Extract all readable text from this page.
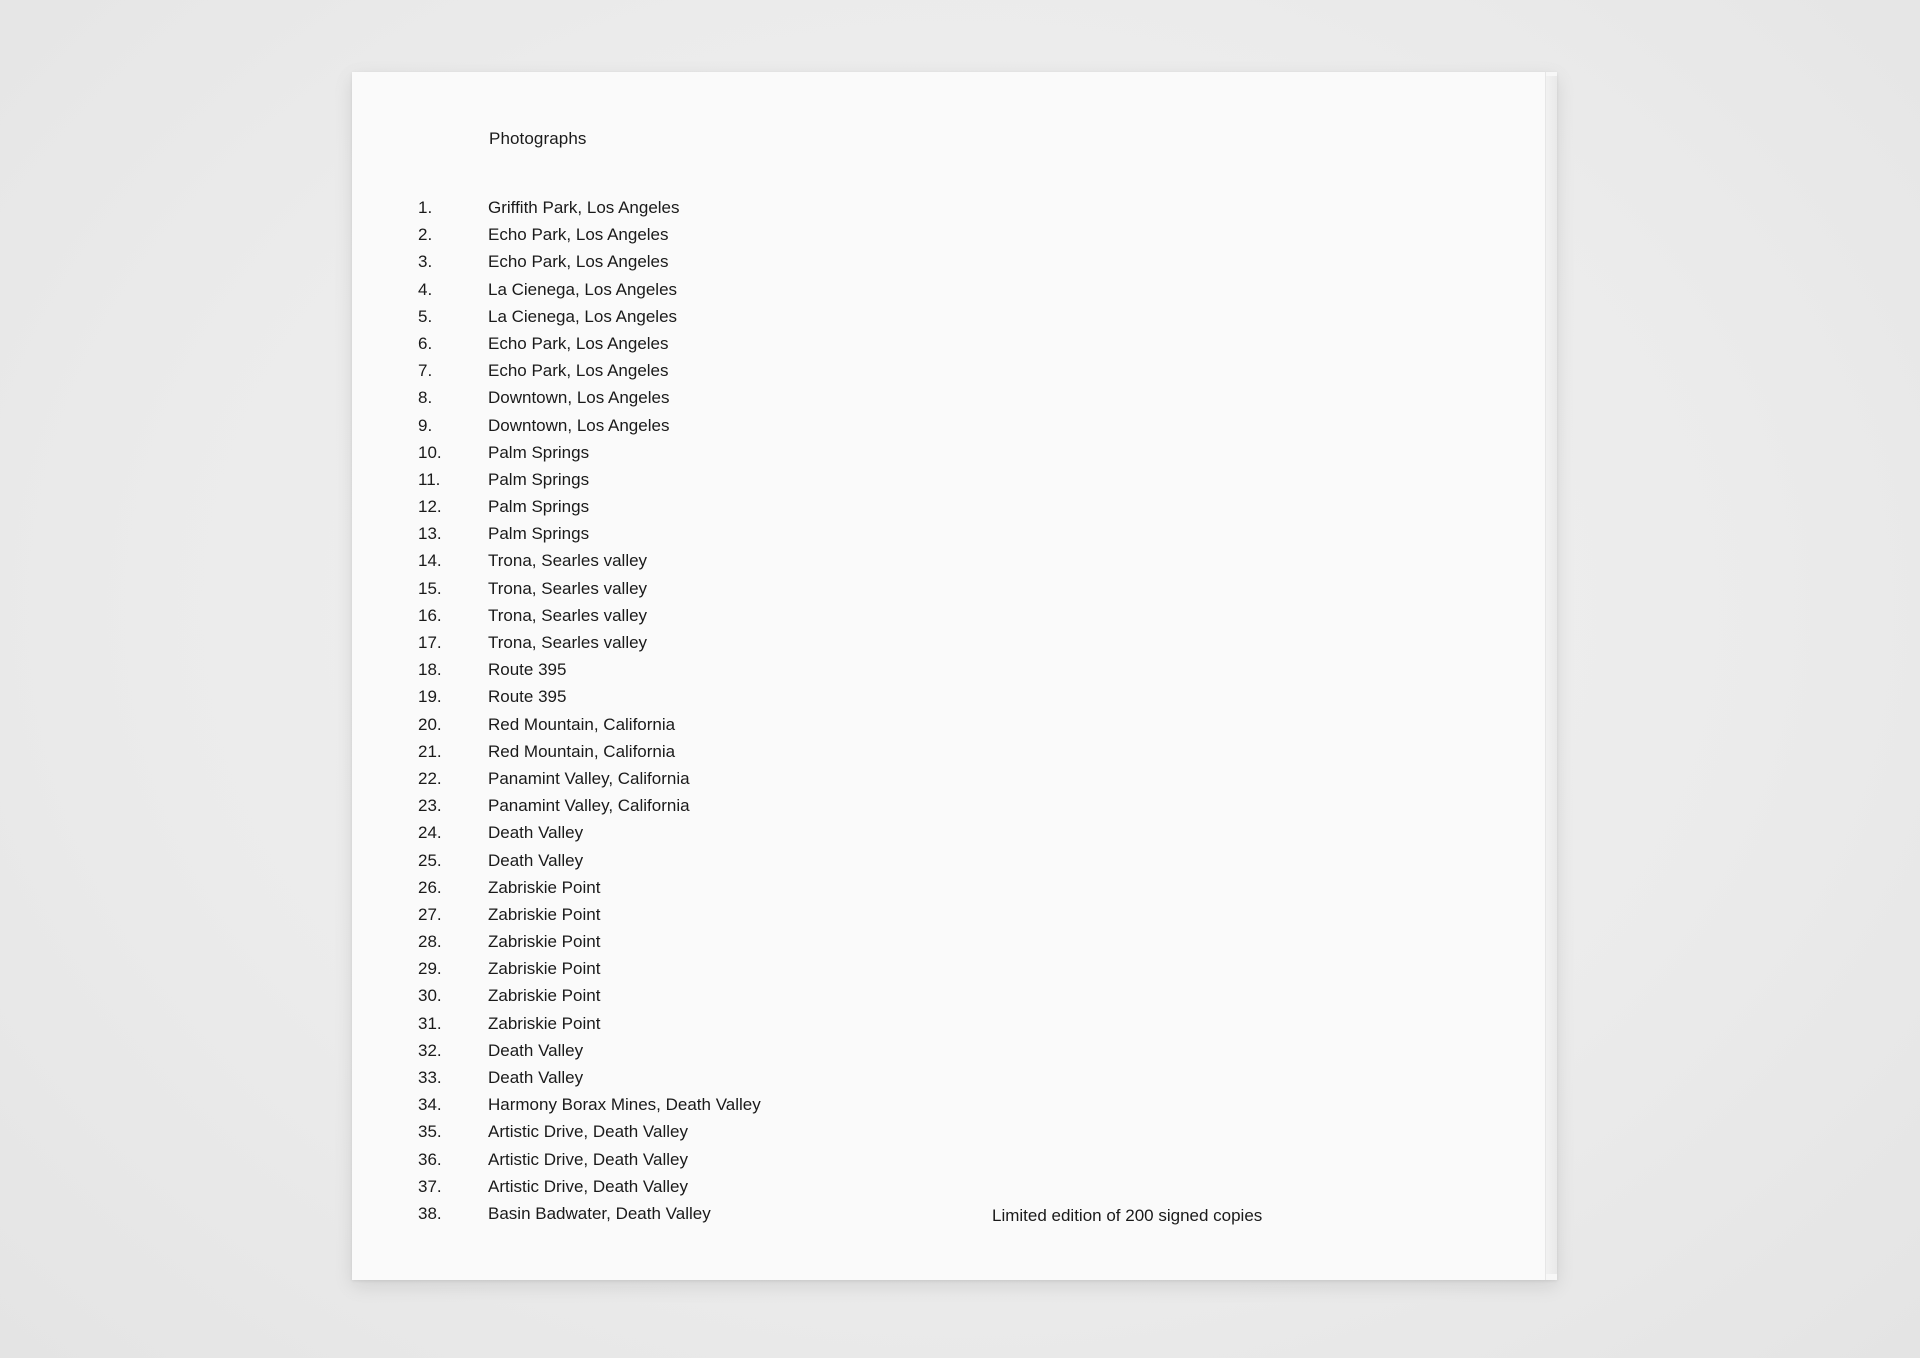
Photographs
1.	Griffith Park, Los Angeles
2.	Echo Park, Los Angeles
3.	Echo Park, Los Angeles
4.	La Cienega, Los Angeles
5.	La Cienega, Los Angeles
6.	Echo Park, Los Angeles
7.	Echo Park, Los Angeles
8.	Downtown, Los Angeles
9.	Downtown, Los Angeles
10.	Palm Springs
11.	Palm Springs
12.	Palm Springs
13.	Palm Springs
14.	Trona, Searles valley
15.	Trona, Searles valley
16.	Trona, Searles valley
17.	Trona, Searles valley
18.	Route 395
19.	Route 395
20.	Red Mountain, California
21.	Red Mountain, California
22.	Panamint Valley, California
23.	Panamint Valley, California
24.	Death Valley
25.	Death Valley
26.	Zabriskie Point
27.	Zabriskie Point
28.	Zabriskie Point
29.	Zabriskie Point
30.	Zabriskie Point
31.	Zabriskie Point
32.	Death Valley
33.	Death Valley
34.	Harmony Borax Mines, Death Valley
35.	Artistic Drive, Death Valley
36.	Artistic Drive, Death Valley
37.	Artistic Drive, Death Valley
38.	Basin Badwater, Death Valley	Limited edition of 200 signed copies
